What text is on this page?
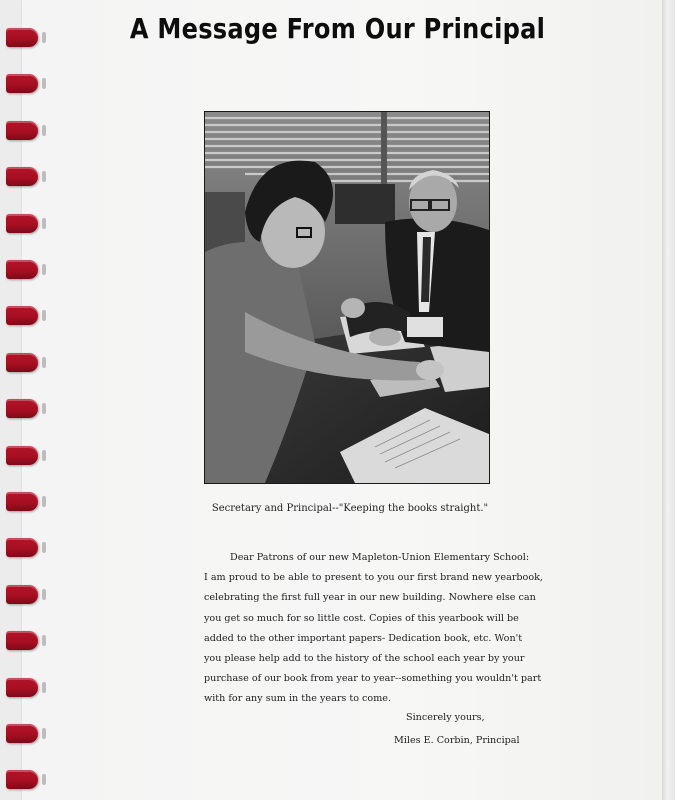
A Message From Our Principal
Secretary and Principal--"Keeping the books straight."
Dear Patrons of our new Mapleton-Union Elementary School:
I am proud to be able to present to you our first brand new yearbook,
celebrating the first full year in our new building. Nowhere else can
you get so much for so little cost. Copies of this yearbook will be
added to the other important papers- Dedication book, etc. Won't
you please help add to the history of the school each year by your
purchase of our book from year to year--something you wouldn't part
with for any sum in the years to come.
Sincerely yours,
Miles E. Corbin, Principal
